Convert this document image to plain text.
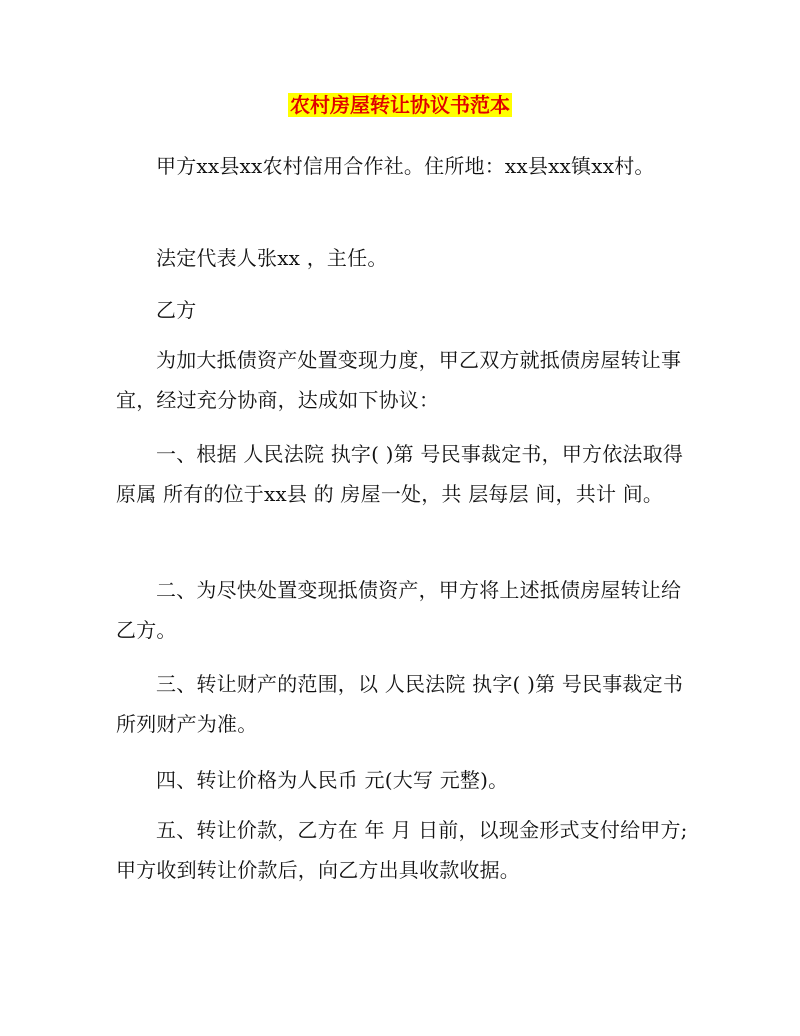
农村房屋转让协议书范本

甲方xx县xx农村信用合作社。住所地：xx县xx镇xx村。

法定代表人张xx ，主任。

乙方

为加大抵债资产处置变现力度，甲乙双方就抵债房屋转让事宜，经过充分协商，达成如下协议：

一、根据 人民法院 执字( )第 号民事裁定书，甲方依法取得原属 所有的位于xx县 的 房屋一处，共 层每层 间，共计 间。

二、为尽快处置变现抵债资产，甲方将上述抵债房屋转让给乙方。

三、转让财产的范围，以 人民法院 执字( )第 号民事裁定书所列财产为准。

四、转让价格为人民币 元(大写 元整)。

五、转让价款，乙方在 年 月 日前，以现金形式支付给甲方;甲方收到转让价款后，向乙方出具收款收据。
